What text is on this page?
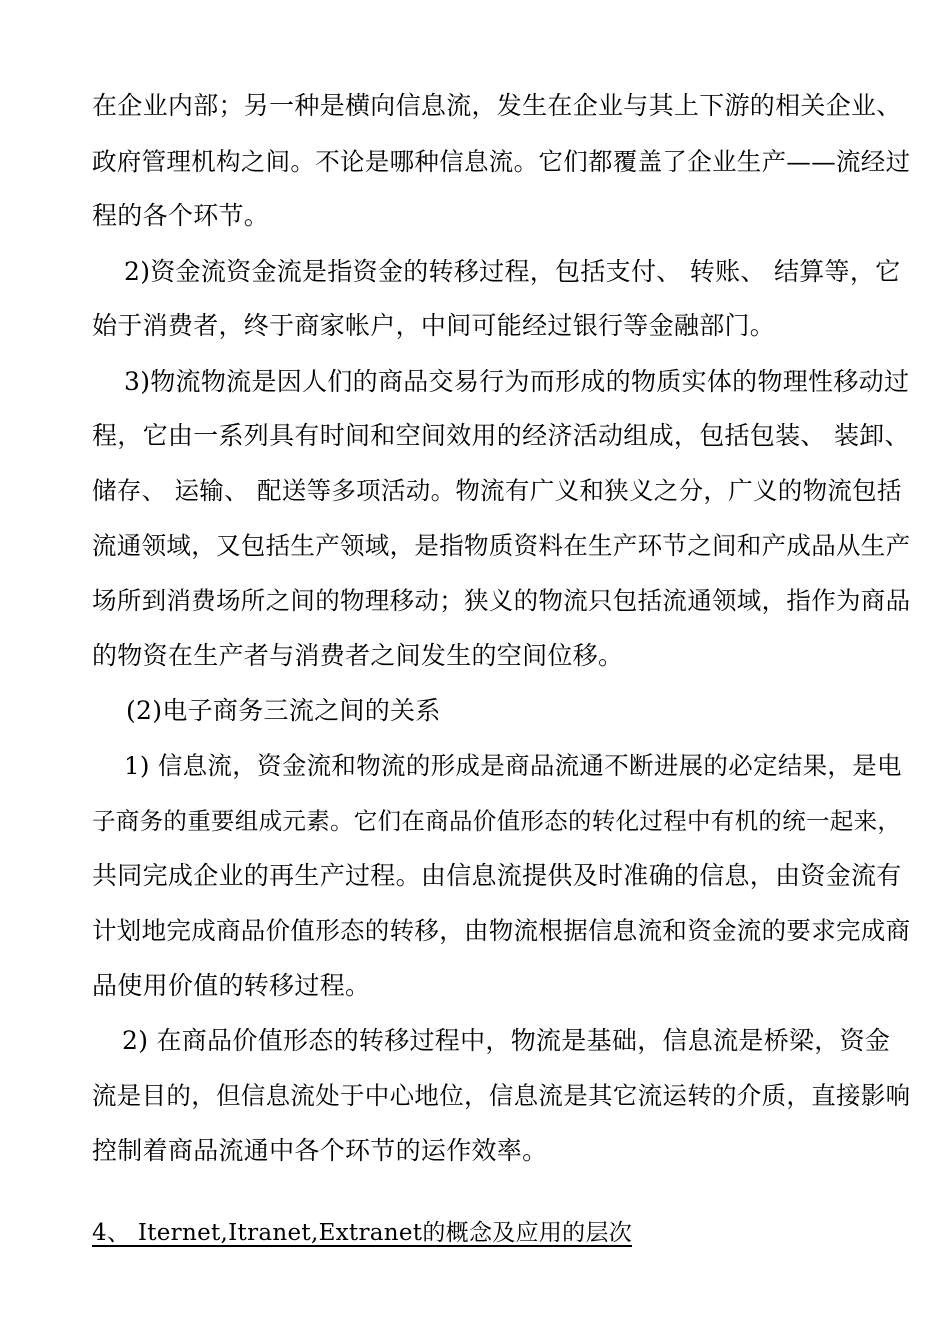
在企业内部；另一种是横向信息流，发生在企业与其上下游的相关企业、
政府管理机构之间。不论是哪种信息流。它们都覆盖了企业生产——流经过
程的各个环节。
2)资金流资金流是指资金的转移过程，包括支付、 转账、 结算等，它
始于消费者，终于商家帐户，中间可能经过银行等金融部门。
3)物流物流是因人们的商品交易行为而形成的物质实体的物理性移动过
程，它由一系列具有时间和空间效用的经济活动组成，包括包装、 装卸、
储存、 运输、 配送等多项活动。物流有广义和狭义之分，广义的物流包括
流通领域，又包括生产领域，是指物质资料在生产环节之间和产成品从生产
场所到消费场所之间的物理移动；狭义的物流只包括流通领域，指作为商品
的物资在生产者与消费者之间发生的空间位移。
(2)电子商务三流之间的关系
1) 信息流，资金流和物流的形成是商品流通不断进展的必定结果，是电
子商务的重要组成元素。它们在商品价值形态的转化过程中有机的统一起来，
共同完成企业的再生产过程。由信息流提供及时准确的信息，由资金流有
计划地完成商品价值形态的转移，由物流根据信息流和资金流的要求完成商
品使用价值的转移过程。
2) 在商品价值形态的转移过程中，物流是基础，信息流是桥梁，资金
流是目的，但信息流处于中心地位，信息流是其它流运转的介质，直接影响
控制着商品流通中各个环节的运作效率。
4、 Iternet,Itranet,Extranet的概念及应用的层次
